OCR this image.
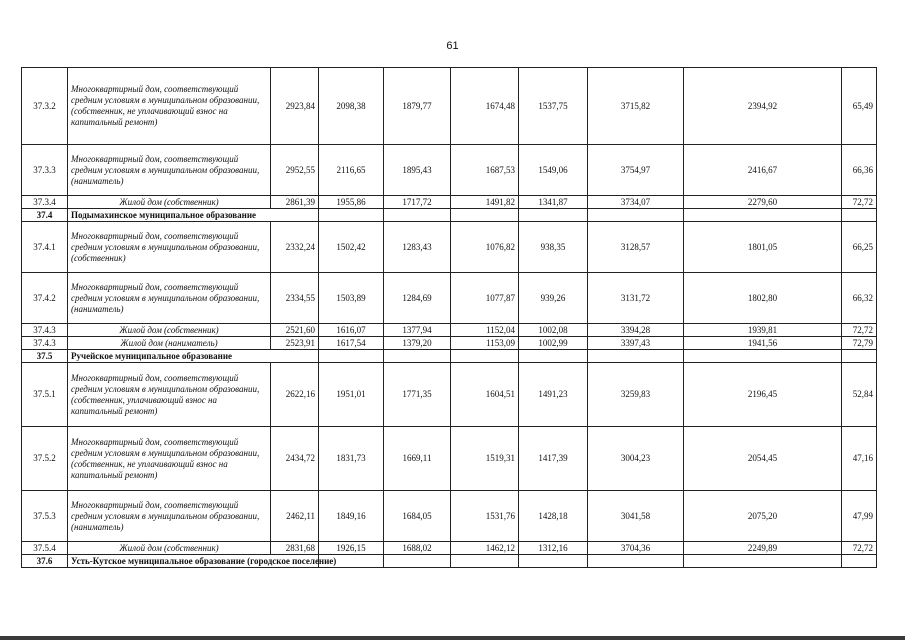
61
37.3.2	Многоквартирный дом, соответствующий средним условиям в муниципальном образовании, (собственник, не уплачивающий взнос на капитальный ремонт)	2923,84	2098,38	1879,77	1674,48	1537,75	3715,82	2394,92	65,49
37.3.3	Многоквартирный дом, соответствующий средним условиям в муниципальном образовании, (наниматель)	2952,55	2116,65	1895,43	1687,53	1549,06	3754,97	2416,67	66,36
37.3.4	Жилой дом (собственник)	2861,39	1955,86	1717,72	1491,82	1341,87	3734,07	2279,60	72,72
37.4	Подымахинское муниципальное образование								
37.4.1	Многоквартирный дом, соответствующий средним условиям в муниципальном образовании, (собственник)	2332,24	1502,42	1283,43	1076,82	938,35	3128,57	1801,05	66,25
37.4.2	Многоквартирный дом, соответствующий средним условиям в муниципальном образовании, (наниматель)	2334,55	1503,89	1284,69	1077,87	939,26	3131,72	1802,80	66,32
37.4.3	Жилой дом (собственник)	2521,60	1616,07	1377,94	1152,04	1002,08	3394,28	1939,81	72,72
37.4.3	Жилой дом (наниматель)	2523,91	1617,54	1379,20	1153,09	1002,99	3397,43	1941,56	72,79
37.5	Ручейское муниципальное образование								
37.5.1	Многоквартирный дом, соответствующий средним условиям в муниципальном образовании, (собственник, уплачивающий взнос на капитальный ремонт)	2622,16	1951,01	1771,35	1604,51	1491,23	3259,83	2196,45	52,84
37.5.2	Многоквартирный дом, соответствующий средним условиям в муниципальном образовании, (собственник, не уплачивающий взнос на капитальный ремонт)	2434,72	1831,73	1669,11	1519,31	1417,39	3004,23	2054,45	47,16
37.5.3	Многоквартирный дом, соответствующий средним условиям в муниципальном образовании, (наниматель)	2462,11	1849,16	1684,05	1531,76	1428,18	3041,58	2075,20	47,99
37.5.4	Жилой дом (собственник)	2831,68	1926,15	1688,02	1462,12	1312,16	3704,36	2249,89	72,72
37.6	Усть-Кутское муниципальное образование (городское поселение)								
